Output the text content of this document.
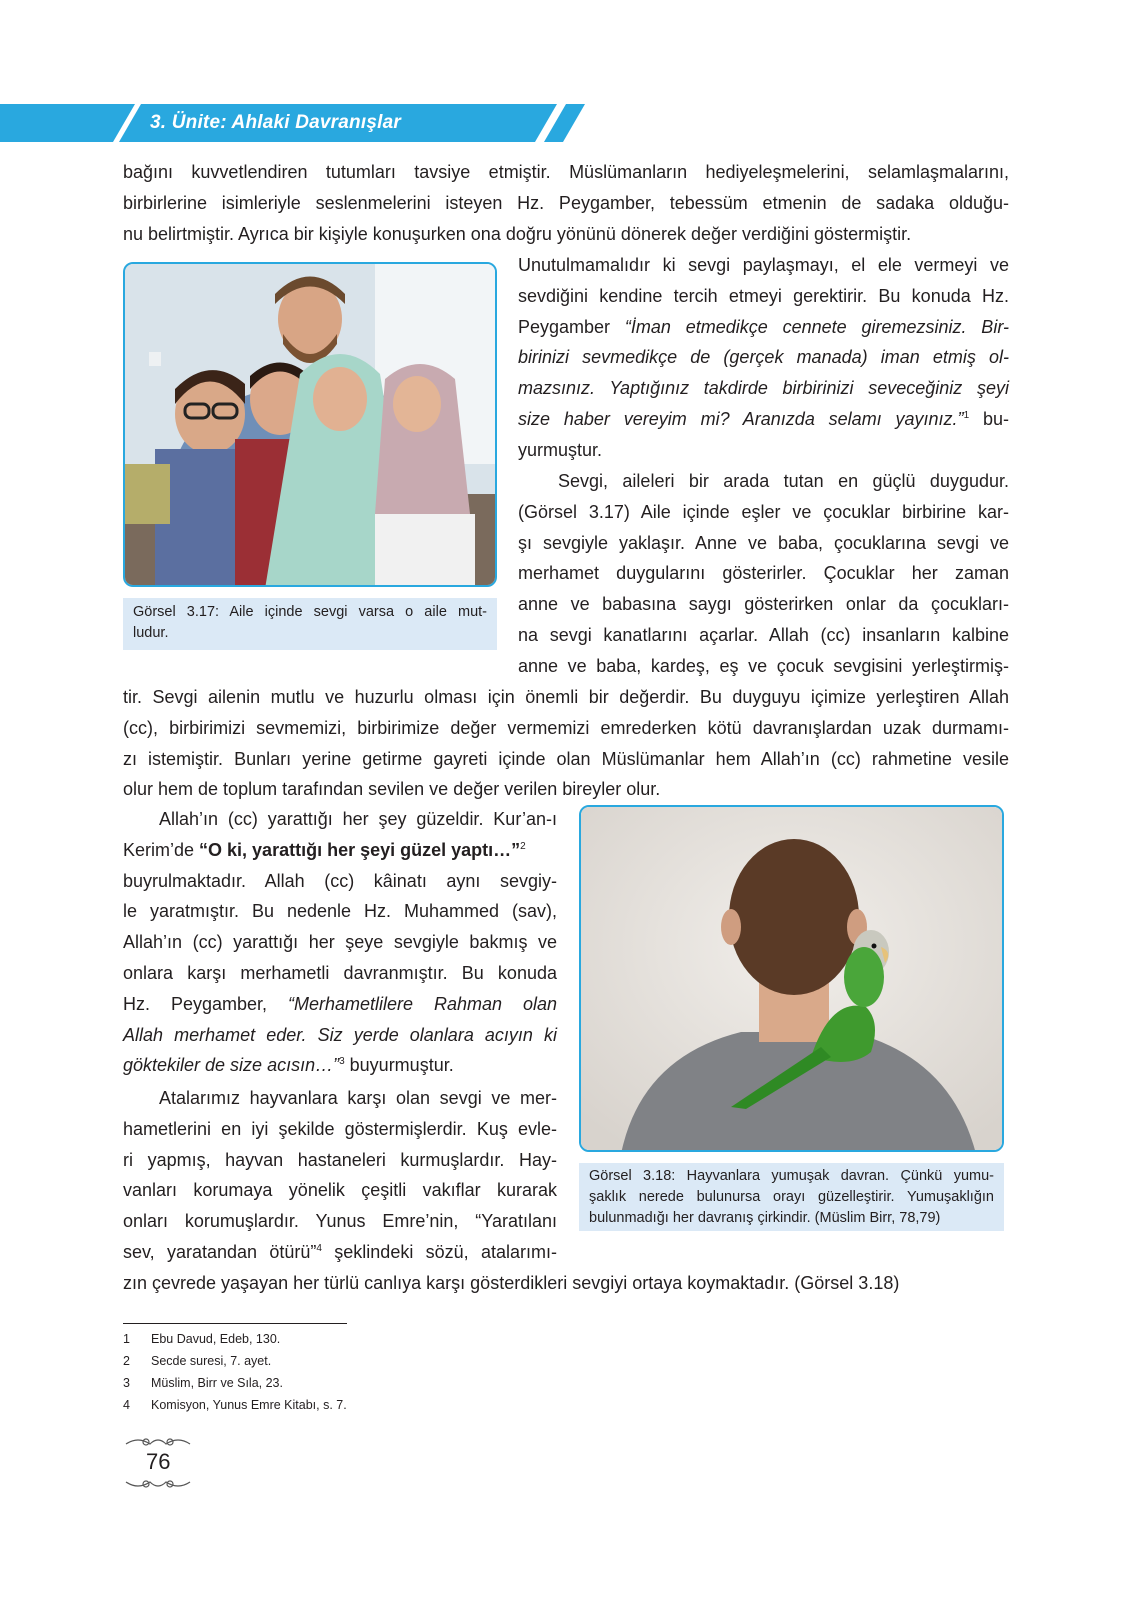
3. Ünite: Ahlaki Davranışlar
bağını kuvvetlendiren tutumları tavsiye etmiştir. Müslümanların hediyeleşmelerini, selamlaşmalarını,
birbirlerine isimleriyle seslenmelerini isteyen Hz. Peygamber, tebessüm etmenin de sadaka olduğu-
nu belirtmiştir. Ayrıca bir kişiyle konuşurken ona doğru yönünü dönerek değer verdiğini göstermiştir.
Görsel 3.17: Aile içinde sevgi varsa o aile mut-
ludur.
Unutulmamalıdır ki sevgi paylaşmayı, el ele vermeyi ve
sevdiğini kendine tercih etmeyi gerektirir. Bu konuda Hz.
Peygamber “İman etmedikçe cennete giremezsiniz. Bir-
birinizi sevmedikçe de (gerçek manada) iman etmiş ol-
mazsınız. Yaptığınız takdirde birbirinizi seveceğiniz şeyi
size haber vereyim mi? Aranızda selamı yayınız.”$^1$ bu-
yurmuştur.
Sevgi, aileleri bir arada tutan en güçlü duygudur.
(Görsel 3.17) Aile içinde eşler ve çocuklar birbirine kar-
şı sevgiyle yaklaşır. Anne ve baba, çocuklarına sevgi ve
merhamet duygularını gösterirler. Çocuklar her zaman
anne ve babasına saygı gösterirken onlar da çocukları-
na sevgi kanatlarını açarlar. Allah (cc) insanların kalbine
anne ve baba, kardeş, eş ve çocuk sevgisini yerleştirmiş-
tir. Sevgi ailenin mutlu ve huzurlu olması için önemli bir değerdir. Bu duyguyu içimize yerleştiren Allah
(cc), birbirimizi sevmemizi, birbirimize değer vermemizi emrederken kötü davranışlardan uzak durmamı-
zı istemiştir. Bunları yerine getirme gayreti içinde olan Müslümanlar hem Allah’ın (cc) rahmetine vesile
olur hem de toplum tarafından sevilen ve değer verilen bireyler olur.
Allah’ın (cc) yarattığı her şey güzeldir. Kur’an-ı
Kerim’de “O ki, yarattığı her şeyi güzel yaptı…”$^2$
buyrulmaktadır. Allah (cc) kâinatı aynı sevgiy-
le yaratmıştır. Bu nedenle Hz. Muhammed (sav),
Allah’ın (cc) yarattığı her şeye sevgiyle bakmış ve
onlara karşı merhametli davranmıştır. Bu konuda
Hz. Peygamber, “Merhametlilere Rahman olan
Allah merhamet eder. Siz yerde olanlara acıyın ki
göktekiler de size acısın…”$^3$ buyurmuştur.
Atalarımız hayvanlara karşı olan sevgi ve mer-
hametlerini en iyi şekilde göstermişlerdir. Kuş evle-
ri yapmış, hayvan hastaneleri kurmuşlardır. Hay-
vanları korumaya yönelik çeşitli vakıflar kurarak
onları korumuşlardır. Yunus Emre’nin, “Yaratılanı
sev, yaratandan ötürü”$^4$ şeklindeki sözü, atalarımı-
zın çevrede yaşayan her türlü canlıya karşı gösterdikleri sevgiyi ortaya koymaktadır. (Görsel 3.18)
Görsel 3.18: Hayvanlara yumuşak davran. Çünkü yumu-
şaklık nerede bulunursa orayı güzelleştirir. Yumuşaklığın
bulunmadığı her davranış çirkindir. (Müslim Birr, 78,79)
1 Ebu Davud, Edeb, 130.
2 Secde suresi, 7. ayet.
3 Müslim, Birr ve Sıla, 23.
4 Komisyon, Yunus Emre Kitabı, s. 7.
76
